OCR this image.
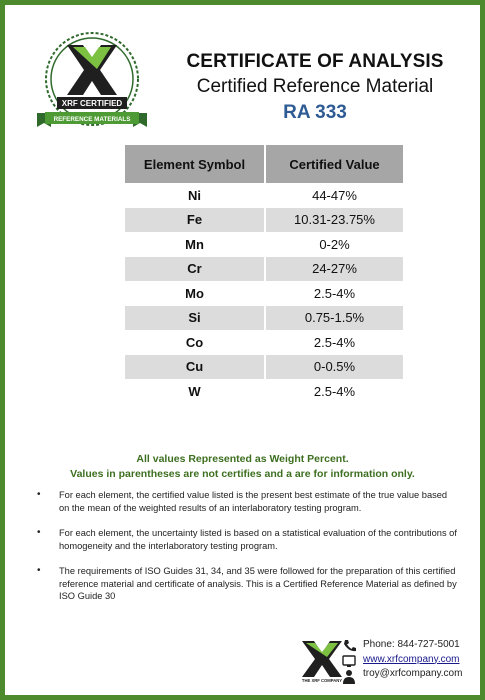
XRF CERTIFIED
REFERENCE MATERIALS
CERTIFICATE OF ANALYSIS
Certified Reference Material
RA 333
Element Symbol	Certified Value
Ni	44-47%
Fe	10.31-23.75%
Mn	0-2%
Cr	24-27%
Mo	2.5-4%
Si	0.75-1.5%
Co	2.5-4%
Cu	0-0.5%
W	2.5-4%
All values Represented as Weight Percent.
Values in parentheses are not certifies and a are for information only.
• For each element, the certified value listed is the present best estimate of the true value based on the mean of the weighted results of an interlaboratory testing program.
• For each element, the uncertainty listed is based on a statistical evaluation of the contributions of homogeneity and the interlaboratory testing program.
• The requirements of ISO Guides 31, 34, and 35 were followed for the preparation of this certified reference material and certificate of analysis. This is a Certified Reference Material as defined by ISO Guide 30
THE XRF COMPANY
Phone: 844-727-5001
www.xrfcompany.com
troy@xrfcompany.com
